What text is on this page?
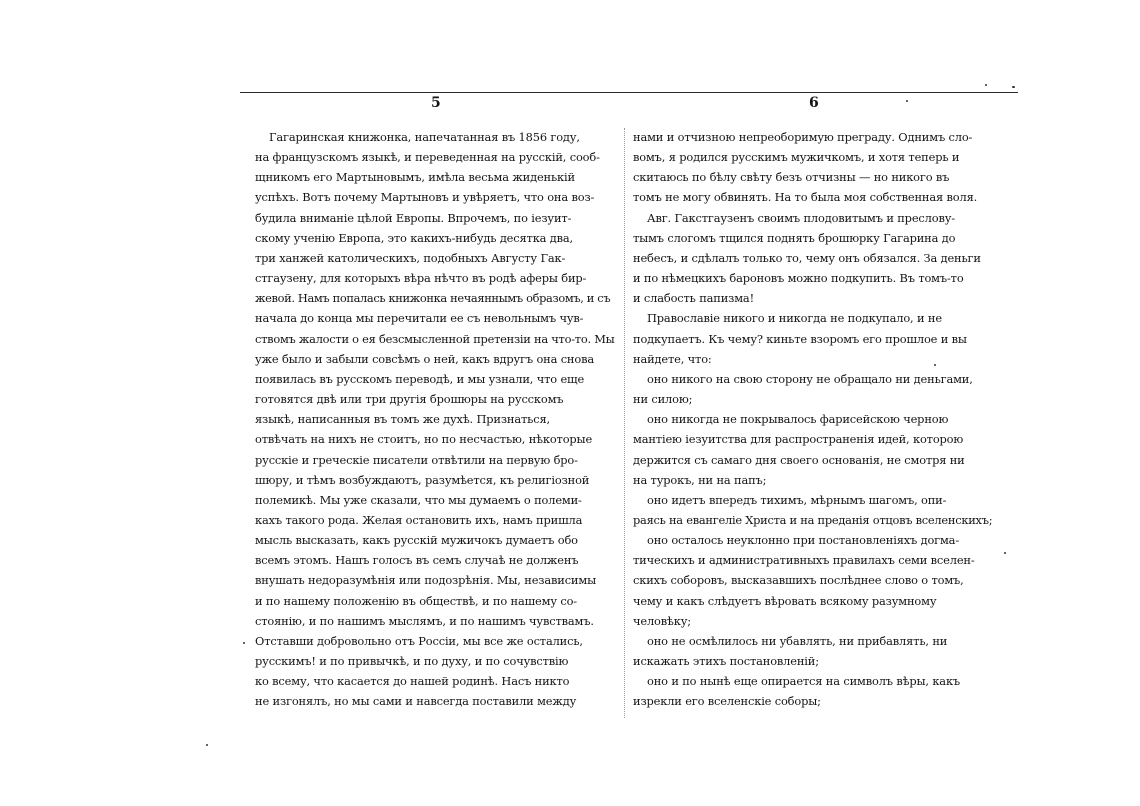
5	6
Гагаринская книжонка, напечатанная въ 1856 году,
на французскомъ языкѣ, и переведенная на русскій, сооб-
щникомъ его Мартыновымъ, имѣла весьма жиденькій
успѣхъ. Вотъ почему Мартыновъ и увѣряетъ, что она воз-
будила вниманіе цѣлой Европы. Впрочемъ, по іезуит-
скому ученію Европа, это какихъ-нибудь десятка два,
три ханжей католическихъ, подобныхъ Августу Гак-
стгаузену, для которыхъ вѣра нѣчто въ родѣ аферы бир-
жевой. Намъ попалась книжонка нечаяннымъ образомъ, и съ
начала до конца мы перечитали ее съ невольнымъ чув-
ствомъ жалости о ея безсмысленной претензіи на что-то. Мы
уже было и забыли совсѣмъ о ней, какъ вдругъ она снова
появилась въ русскомъ переводѣ, и мы узнали, что еще
готовятся двѣ или три другія брошюры на русскомъ
языкѣ, написанныя въ томъ же духѣ. Признаться,
отвѣчать на нихъ не стоитъ, но по несчастью, нѣкоторые
русскіе и греческіе писатели отвѣтили на первую бро-
шюру, и тѣмъ возбуждаютъ, разумѣется, къ религіозной
полемикѣ. Мы уже сказали, что мы думаемъ о полеми-
кахъ такого рода. Желая остановить ихъ, намъ пришла
мысль высказать, какъ русскій мужичокъ думаетъ обо
всемъ этомъ. Нашъ голосъ въ семъ случаѣ не долженъ
внушать недоразумѣнія или подозрѣнія. Мы, независимы
и по нашему положенію въ обществѣ, и по нашему со-
стоянію, и по нашимъ мыслямъ, и по нашимъ чувствамъ.
Отставши добровольно отъ Россіи, мы все же остались,
русскимъ! и по привычкѣ, и по духу, и по сочувствію
ко всему, что касается до нашей родинѣ. Насъ никто
не изгонялъ, но мы сами и навсегда поставили между
нами и отчизною непреоборимую преграду. Однимъ сло-
вомъ, я родился русскимъ мужичкомъ, и хотя теперь и
скитаюсь по бѣлу свѣту безъ отчизны — но никого въ
томъ не могу обвинять. На то была моя собственная воля.
Авг. Гакстгаузенъ своимъ плодовитымъ и преслову-
тымъ слогомъ тщился поднять брошюрку Гагарина до
небесъ, и сдѣлалъ только то, чему онъ обязался. За деньги
и по нѣмецкихъ бароновъ можно подкупить. Въ томъ-то
и слабость папизма!
Православіе никого и никогда не подкупало, и не
подкупаетъ. Къ чему? киньте взоромъ его прошлое и вы
найдете, что:
оно никого на свою сторону не обращало ни деньгами,
ни силою;
оно никогда не покрывалось фарисейскою черною
мантіею іезуитства для распространенія идей, которою
держится съ самаго дня своего основанія, не смотря ни
на турокъ, ни на папъ;
оно идетъ впередъ тихимъ, мѣрнымъ шагомъ, опи-
раясь на евангеліе Христа и на преданія отцовъ вселенскихъ;
оно осталось неуклонно при постановленіяхъ догма-
тическихъ и административныхъ правилахъ семи вселен-
скихъ соборовъ, высказавшихъ послѣднее слово о томъ,
чему и какъ слѣдуетъ вѣровать всякому разумному
человѣку;
оно не осмѣлилось ни убавлять, ни прибавлять, ни
искажать этихъ постановленій;
оно и по нынѣ еще опирается на символъ вѣры, какъ
изрекли его вселенскіе соборы;
